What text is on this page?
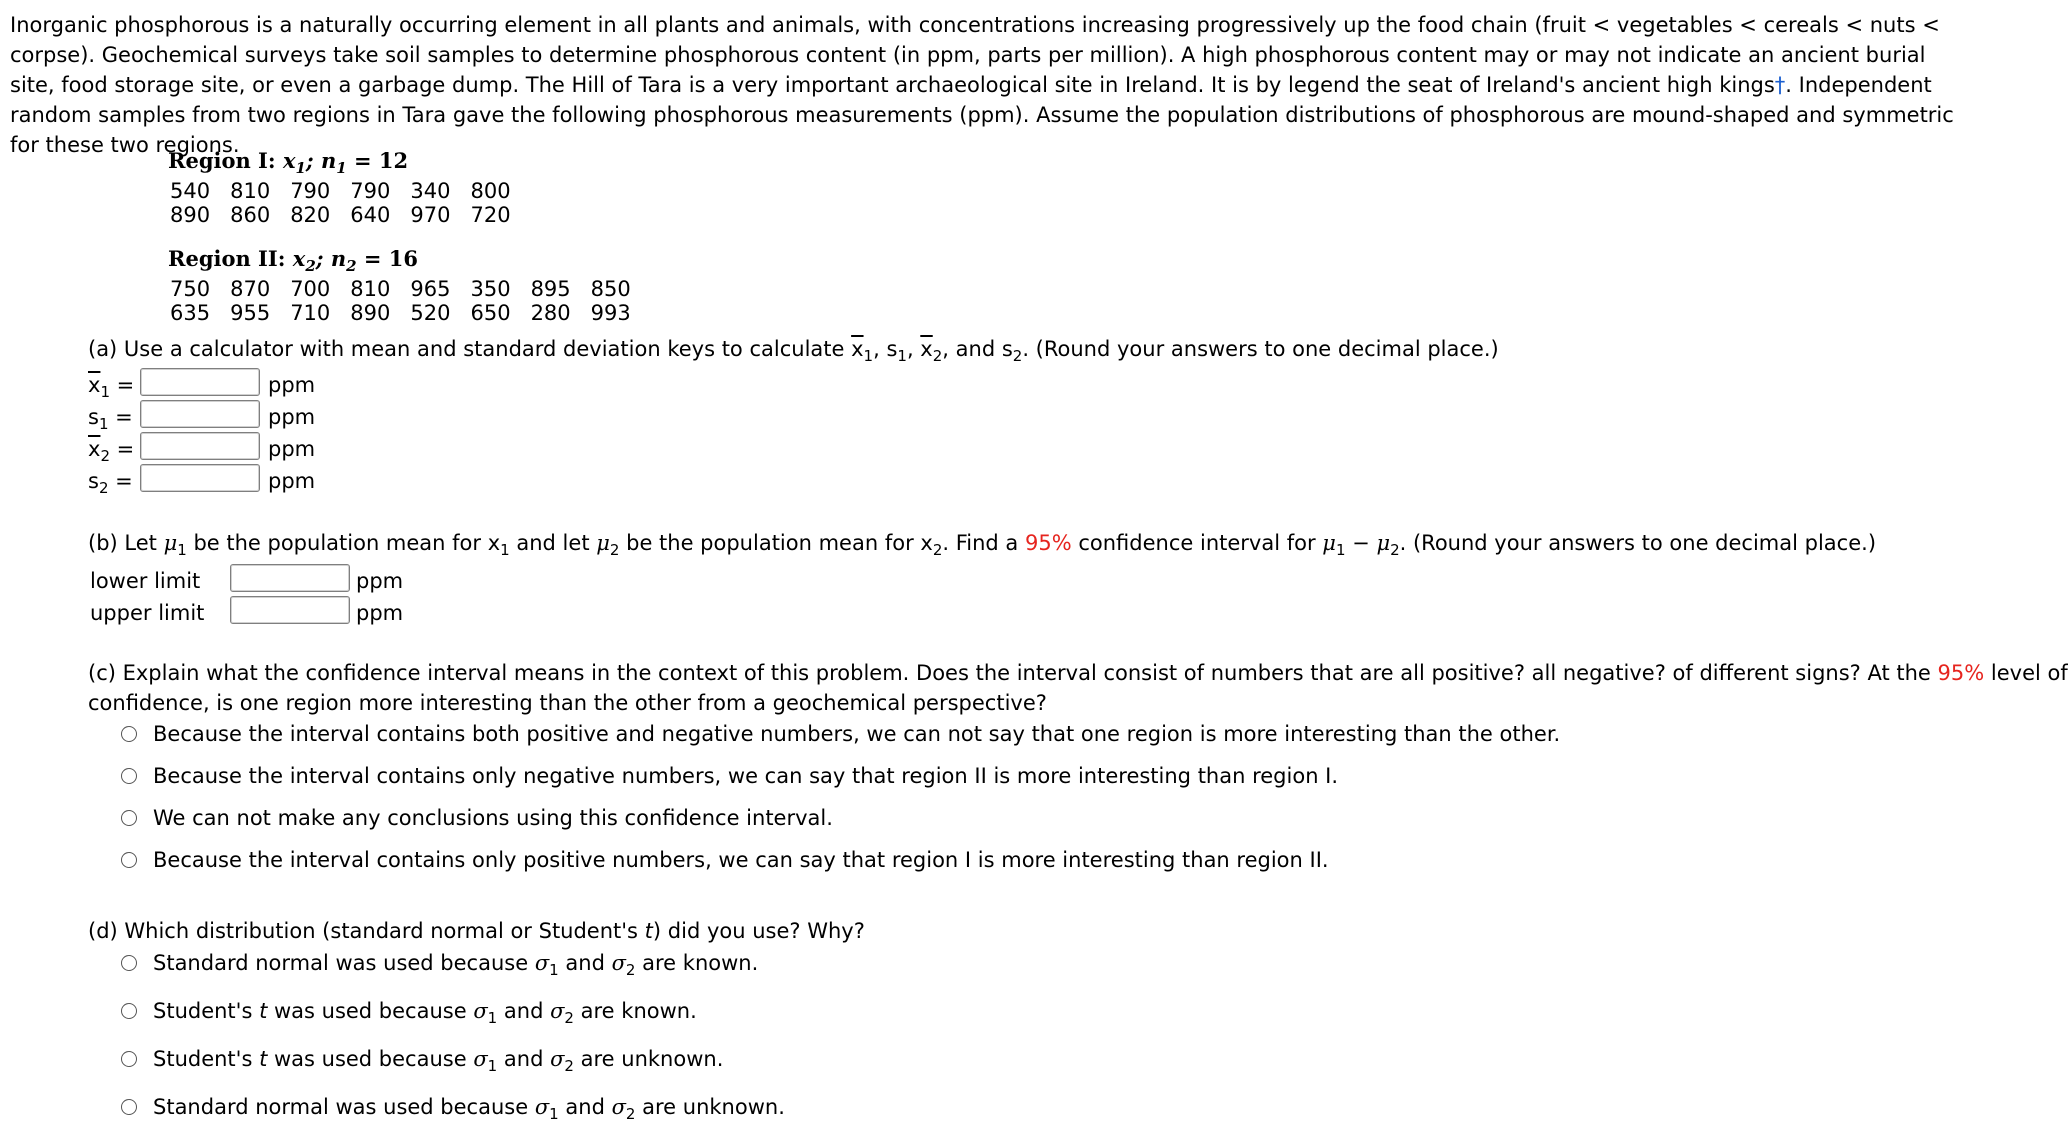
Inorganic phosphorous is a naturally occurring element in all plants and animals, with concentrations increasing progressively up the food chain (fruit < vegetables < cereals < nuts < corpse). Geochemical surveys take soil samples to determine phosphorous content (in ppm, parts per million). A high phosphorous content may or may not indicate an ancient burial site, food storage site, or even a garbage dump. The Hill of Tara is a very important archaeological site in Ireland. It is by legend the seat of Ireland's ancient high kings†. Independent random samples from two regions in Tara gave the following phosphorous measurements (ppm). Assume the population distributions of phosphorous are mound-shaped and symmetric for these two regions.
Region I: $x_1$; $n_1 = 12$
540 810 790 790 340 800
890 860 820 640 970 720
Region II: $x_2$; $n_2 = 16$
750 870 700 810 965 350 895 850
635 955 710 890 520 650 280 993
(a) Use a calculator with mean and standard deviation keys to calculate $\overline{x}_1$, $s_1$, $\overline{x}_2$, and $s_2$. (Round your answers to one decimal place.)
$\overline{x}_1$ =	ppm
$s_1$ =	ppm
$\overline{x}_2$ =	ppm
$s_2$ =	ppm
(b) Let $\mu_1$ be the population mean for $x_1$ and let $\mu_2$ be the population mean for $x_2$. Find a 95% confidence interval for $\mu_1 - \mu_2$. (Round your answers to one decimal place.)
lower limit	ppm
upper limit	ppm
(c) Explain what the confidence interval means in the context of this problem. Does the interval consist of numbers that are all positive? all negative? of different signs? At the 95% level of
confidence, is one region more interesting than the other from a geochemical perspective?
Because the interval contains both positive and negative numbers, we can not say that one region is more interesting than the other.
Because the interval contains only negative numbers, we can say that region II is more interesting than region I.
We can not make any conclusions using this confidence interval.
Because the interval contains only positive numbers, we can say that region I is more interesting than region II.
(d) Which distribution (standard normal or Student's t) did you use? Why?
Standard normal was used because $\sigma_1$ and $\sigma_2$ are known.
Student's t was used because $\sigma_1$ and $\sigma_2$ are known.
Student's t was used because $\sigma_1$ and $\sigma_2$ are unknown.
Standard normal was used because $\sigma_1$ and $\sigma_2$ are unknown.
